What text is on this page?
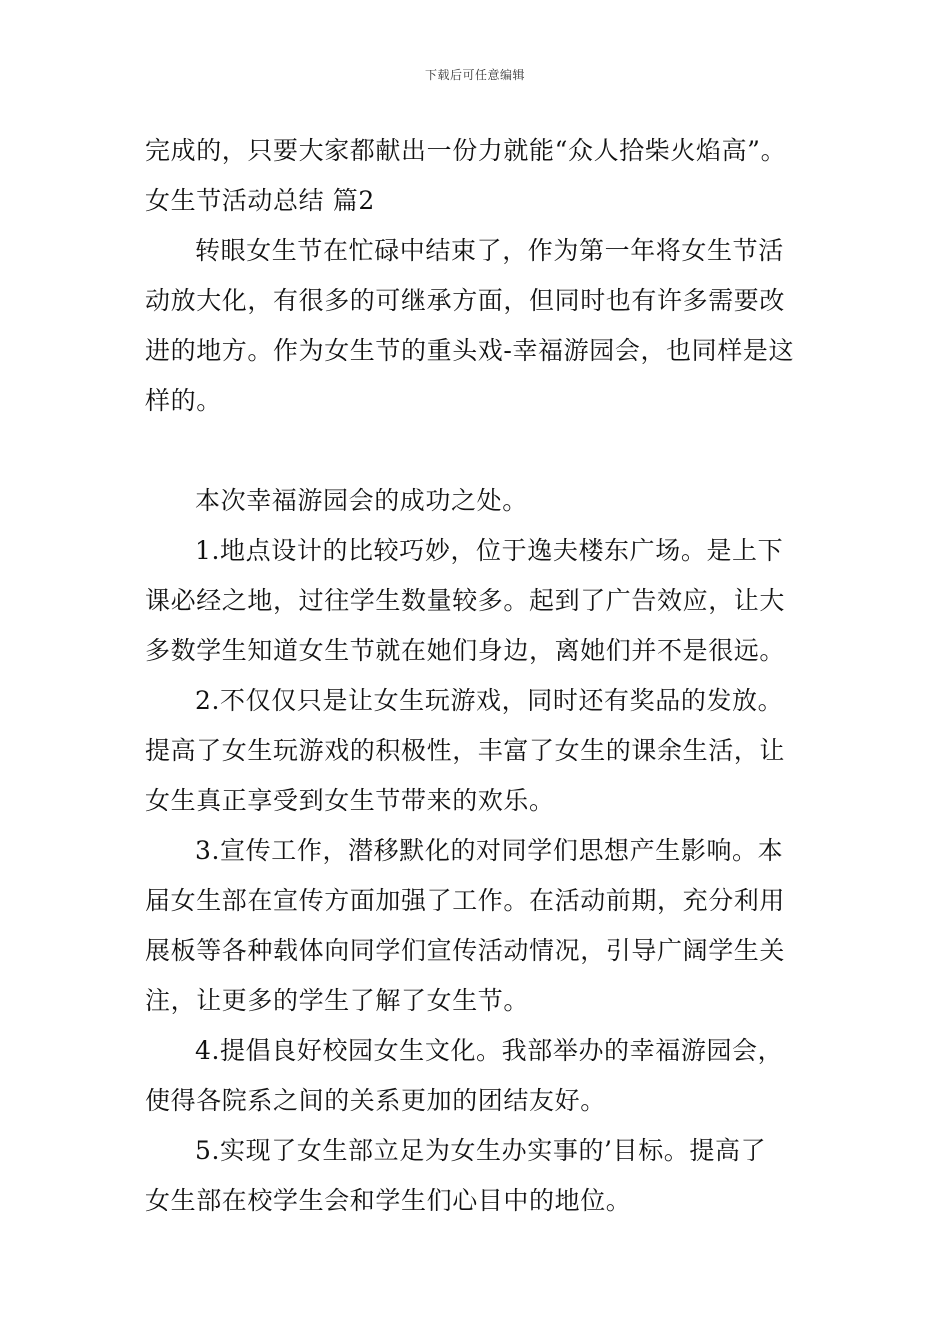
下载后可任意编辑
完成的，只要大家都献出一份力就能“众人拾柴火焰高”。
女生节活动总结 篇2
转眼女生节在忙碌中结束了，作为第一年将女生节活
动放大化，有很多的可继承方面，但同时也有许多需要改
进的地方。作为女生节的重头戏-幸福游园会，也同样是这
样的。
本次幸福游园会的成功之处。
1.地点设计的比较巧妙，位于逸夫楼东广场。是上下
课必经之地，过往学生数量较多。起到了广告效应，让大
多数学生知道女生节就在她们身边，离她们并不是很远。
2.不仅仅只是让女生玩游戏，同时还有奖品的发放。
提高了女生玩游戏的积极性，丰富了女生的课余生活，让
女生真正享受到女生节带来的欢乐。
3.宣传工作，潜移默化的对同学们思想产生影响。本
届女生部在宣传方面加强了工作。在活动前期，充分利用
展板等各种载体向同学们宣传活动情况，引导广阔学生关
注，让更多的学生了解了女生节。
4.提倡良好校园女生文化。我部举办的幸福游园会，
使得各院系之间的关系更加的团结友好。
5.实现了女生部立足为女生办实事的’目标。提高了
女生部在校学生会和学生们心目中的地位。
